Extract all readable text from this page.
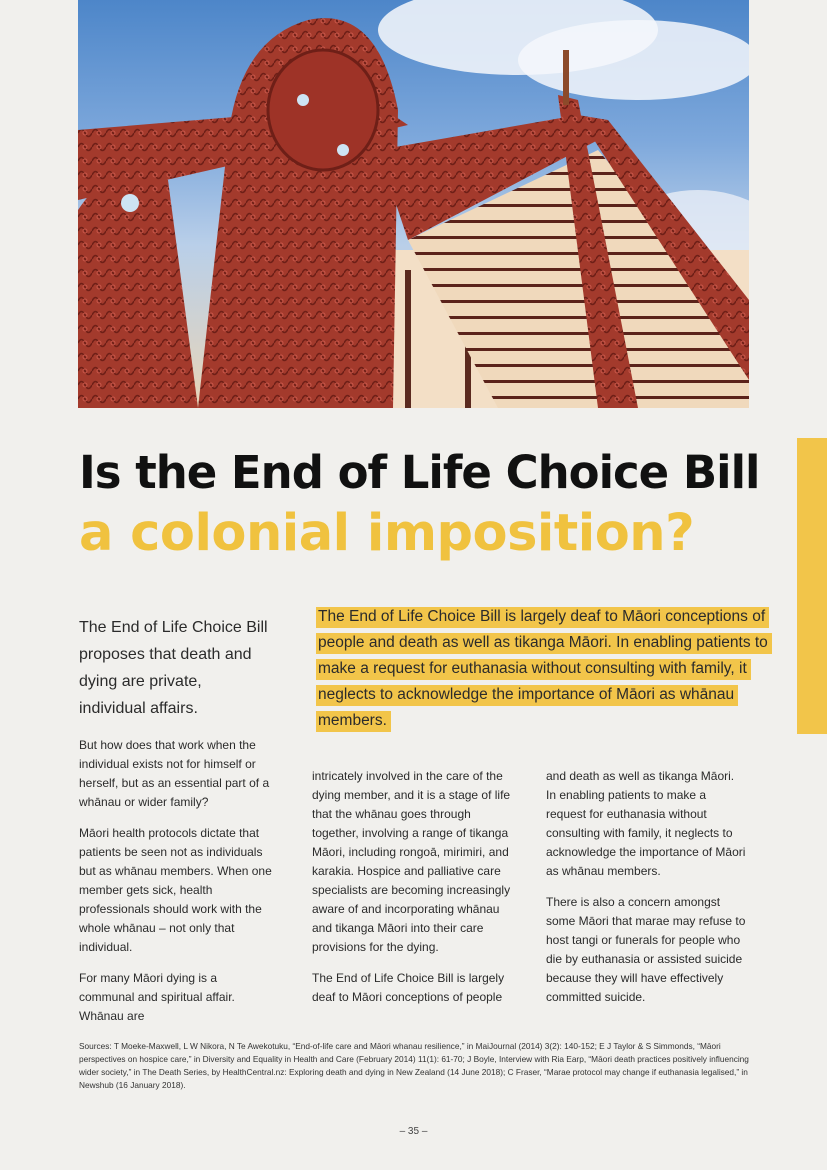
Is the End of Life Choice Bill
a colonial imposition?
The End of Life Choice Bill proposes that death and dying are private, individual affairs.
The End of Life Choice Bill is largely deaf to Māori conceptions of people and death as well as tikanga Māori. In enabling patients to make a request for euthanasia without consulting with family, it neglects to acknowledge the importance of Māori as whānau members.

But how does that work when the individual exists not for himself or herself, but as an essential part of a whānau or wider family?

Māori health protocols dictate that patients be seen not as individuals but as whānau members. When one member gets sick, health professionals should work with the whole whānau – not only that individual.

For many Māori dying is a communal and spiritual affair. Whānau are

intricately involved in the care of the dying member, and it is a stage of life that the whānau goes through together, involving a range of tikanga Māori, including rongoā, mirimiri, and karakia. Hospice and palliative care specialists are becoming increasingly aware of and incorporating whānau and tikanga Māori into their care provisions for the dying.

The End of Life Choice Bill is largely deaf to Māori conceptions of people

and death as well as tikanga Māori. In enabling patients to make a request for euthanasia without consulting with family, it neglects to acknowledge the importance of Māori as whānau members.

There is also a concern amongst some Māori that marae may refuse to host tangi or funerals for people who die by euthanasia or assisted suicide because they will have effectively committed suicide.

Sources: T Moeke-Maxwell, L W Nikora, N Te Awekotuku, “End-of-life care and Māori whanau resilience,” in MaiJournal (2014) 3(2): 140-152; E J Taylor & S Simmonds, “Māori perspectives on hospice care,” in Diversity and Equality in Health and Care (February 2014) 11(1): 61-70; J Boyle, Interview with Ria Earp, “Māori death practices positively influencing wider society,” in The Death Series, by HealthCentral.nz: Exploring death and dying in New Zealand (14 June 2018); C Fraser, “Marae protocol may change if euthanasia legalised,” in Newshub (16 January 2018).
– 35 –
